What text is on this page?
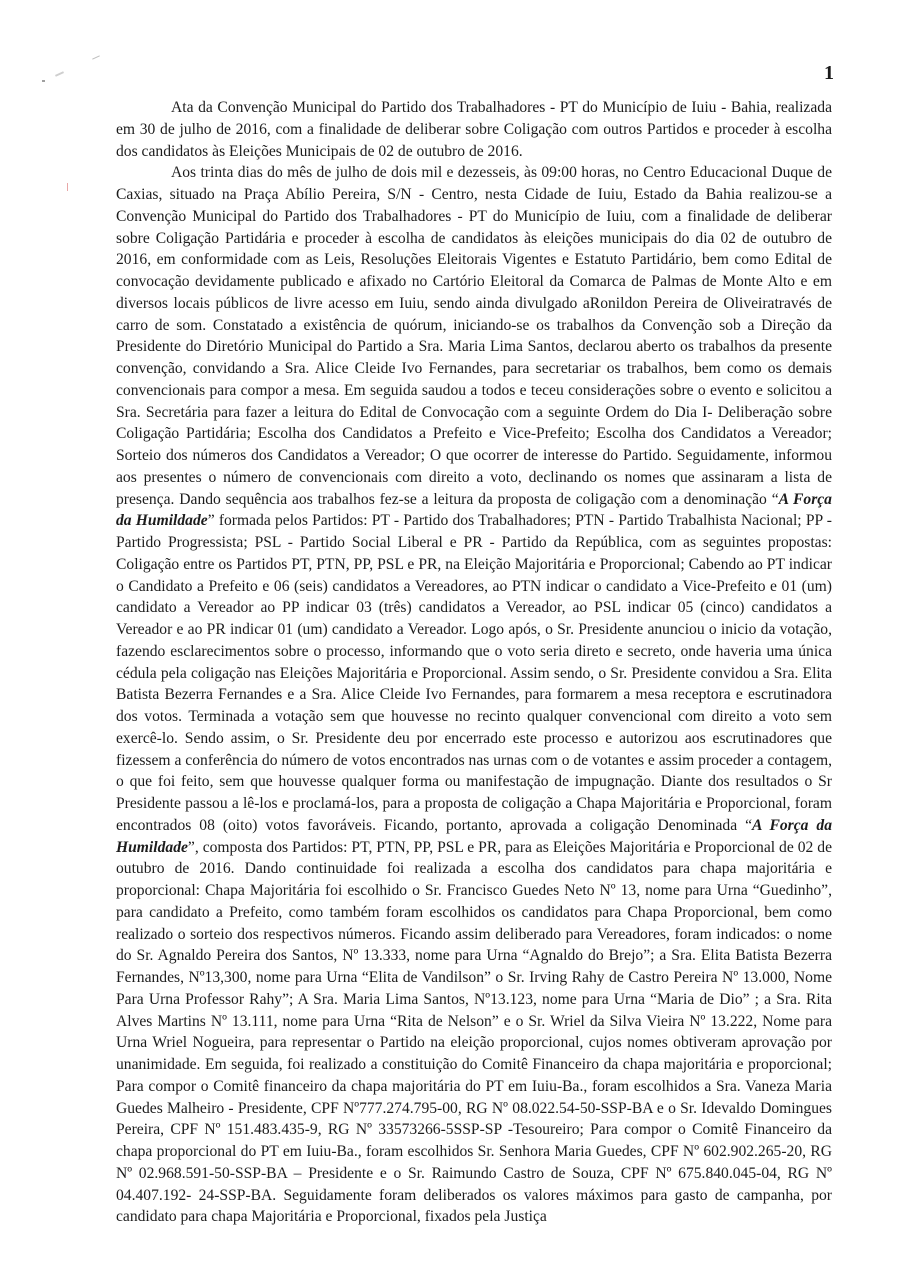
1

Ata da Convenção Municipal do Partido dos Trabalhadores - PT do Município de Iuiu - Bahia, realizada em 30 de julho de 2016, com a finalidade de deliberar sobre Coligação com outros Partidos e proceder à escolha dos candidatos às Eleições Municipais de 02 de outubro de 2016.

Aos trinta dias do mês de julho de dois mil e dezesseis, às 09:00 horas, no Centro Educacional Duque de Caxias, situado na Praça Abílio Pereira, S/N - Centro, nesta Cidade de Iuiu, Estado da Bahia realizou-se a Convenção Municipal do Partido dos Trabalhadores - PT do Município de Iuiu, com a finalidade de deliberar sobre Coligação Partidária e proceder à escolha de candidatos às eleições municipais do dia 02 de outubro de 2016, em conformidade com as Leis, Resoluções Eleitorais Vigentes e Estatuto Partidário, bem como Edital de convocação devidamente publicado e afixado no Cartório Eleitoral da Comarca de Palmas de Monte Alto e em diversos locais públicos de livre acesso em Iuiu, sendo ainda divulgado aRonildon Pereira de Oliveiratravés de carro de som. Constatado a existência de quórum, iniciando-se os trabalhos da Convenção sob a Direção da Presidente do Diretório Municipal do Partido a Sra. Maria Lima Santos, declarou aberto os trabalhos da presente convenção, convidando a Sra. Alice Cleide Ivo Fernandes, para secretariar os trabalhos, bem como os demais convencionais para compor a mesa. Em seguida saudou a todos e teceu considerações sobre o evento e solicitou a Sra. Secretária para fazer a leitura do Edital de Convocação com a seguinte Ordem do Dia I- Deliberação sobre Coligação Partidária; Escolha dos Candidatos a Prefeito e Vice-Prefeito; Escolha dos Candidatos a Vereador; Sorteio dos números dos Candidatos a Vereador; O que ocorrer de interesse do Partido. Seguidamente, informou aos presentes o número de convencionais com direito a voto, declinando os nomes que assinaram a lista de presença. Dando sequência aos trabalhos fez-se a leitura da proposta de coligação com a denominação “A Força da Humildade” formada pelos Partidos: PT - Partido dos Trabalhadores; PTN - Partido Trabalhista Nacional; PP - Partido Progressista; PSL - Partido Social Liberal e PR - Partido da República, com as seguintes propostas: Coligação entre os Partidos PT, PTN, PP, PSL e PR, na Eleição Majoritária e Proporcional; Cabendo ao PT indicar o Candidato a Prefeito e 06 (seis) candidatos a Vereadores, ao PTN indicar o candidato a Vice-Prefeito e 01 (um) candidato a Vereador ao PP indicar 03 (três) candidatos a Vereador, ao PSL indicar 05 (cinco) candidatos a Vereador e ao PR indicar 01 (um) candidato a Vereador. Logo após, o Sr. Presidente anunciou o inicio da votação, fazendo esclarecimentos sobre o processo, informando que o voto seria direto e secreto, onde haveria uma única cédula pela coligação nas Eleições Majoritária e Proporcional. Assim sendo, o Sr. Presidente convidou a Sra. Elita Batista Bezerra Fernandes e a Sra. Alice Cleide Ivo Fernandes, para formarem a mesa receptora e escrutinadora dos votos. Terminada a votação sem que houvesse no recinto qualquer convencional com direito a voto sem exercê-lo. Sendo assim, o Sr. Presidente deu por encerrado este processo e autorizou aos escrutinadores que fizessem a conferência do número de votos encontrados nas urnas com o de votantes e assim proceder a contagem, o que foi feito, sem que houvesse qualquer forma ou manifestação de impugnação. Diante dos resultados o Sr Presidente passou a lê-los e proclamá-los, para a proposta de coligação a Chapa Majoritária e Proporcional, foram encontrados 08 (oito) votos favoráveis. Ficando, portanto, aprovada a coligação Denominada “A Força da Humildade”, composta dos Partidos: PT, PTN, PP, PSL e PR, para as Eleições Majoritária e Proporcional de 02 de outubro de 2016. Dando continuidade foi realizada a escolha dos candidatos para chapa majoritária e proporcional: Chapa Majoritária foi escolhido o Sr. Francisco Guedes Neto Nº 13, nome para Urna “Guedinho”, para candidato a Prefeito, como também foram escolhidos os candidatos para Chapa Proporcional, bem como realizado o sorteio dos respectivos números. Ficando assim deliberado para Vereadores, foram indicados: o nome do Sr. Agnaldo Pereira dos Santos, Nº 13.333, nome para Urna “Agnaldo do Brejo”; a Sra. Elita Batista Bezerra Fernandes, Nº13,300, nome para Urna “Elita de Vandilson” o Sr. Irving Rahy de Castro Pereira Nº 13.000, Nome Para Urna Professor Rahy”; A Sra. Maria Lima Santos, Nº13.123, nome para Urna “Maria de Dio” ; a Sra. Rita Alves Martins Nº 13.111, nome para Urna “Rita de Nelson” e o Sr. Wriel da Silva Vieira Nº 13.222, Nome para Urna Wriel Nogueira, para representar o Partido na eleição proporcional, cujos nomes obtiveram aprovação por unanimidade. Em seguida, foi realizado a constituição do Comitê Financeiro da chapa majoritária e proporcional; Para compor o Comitê financeiro da chapa majoritária do PT em Iuiu-Ba., foram escolhidos a Sra. Vaneza Maria Guedes Malheiro - Presidente, CPF Nº777.274.795-00, RG Nº 08.022.54-50-SSP-BA e o Sr. Idevaldo Domingues Pereira, CPF Nº 151.483.435-9, RG Nº 33573266-5SSP-SP -Tesoureiro; Para compor o Comitê Financeiro da chapa proporcional do PT em Iuiu-Ba., foram escolhidos Sr. Senhora Maria Guedes, CPF Nº 602.902.265-20, RG Nº 02.968.591-50-SSP-BA – Presidente e o Sr. Raimundo Castro de Souza, CPF Nº 675.840.045-04, RG Nº 04.407.192- 24-SSP-BA. Seguidamente foram deliberados os valores máximos para gasto de campanha, por candidato para chapa Majoritária e Proporcional, fixados pela Justiça
